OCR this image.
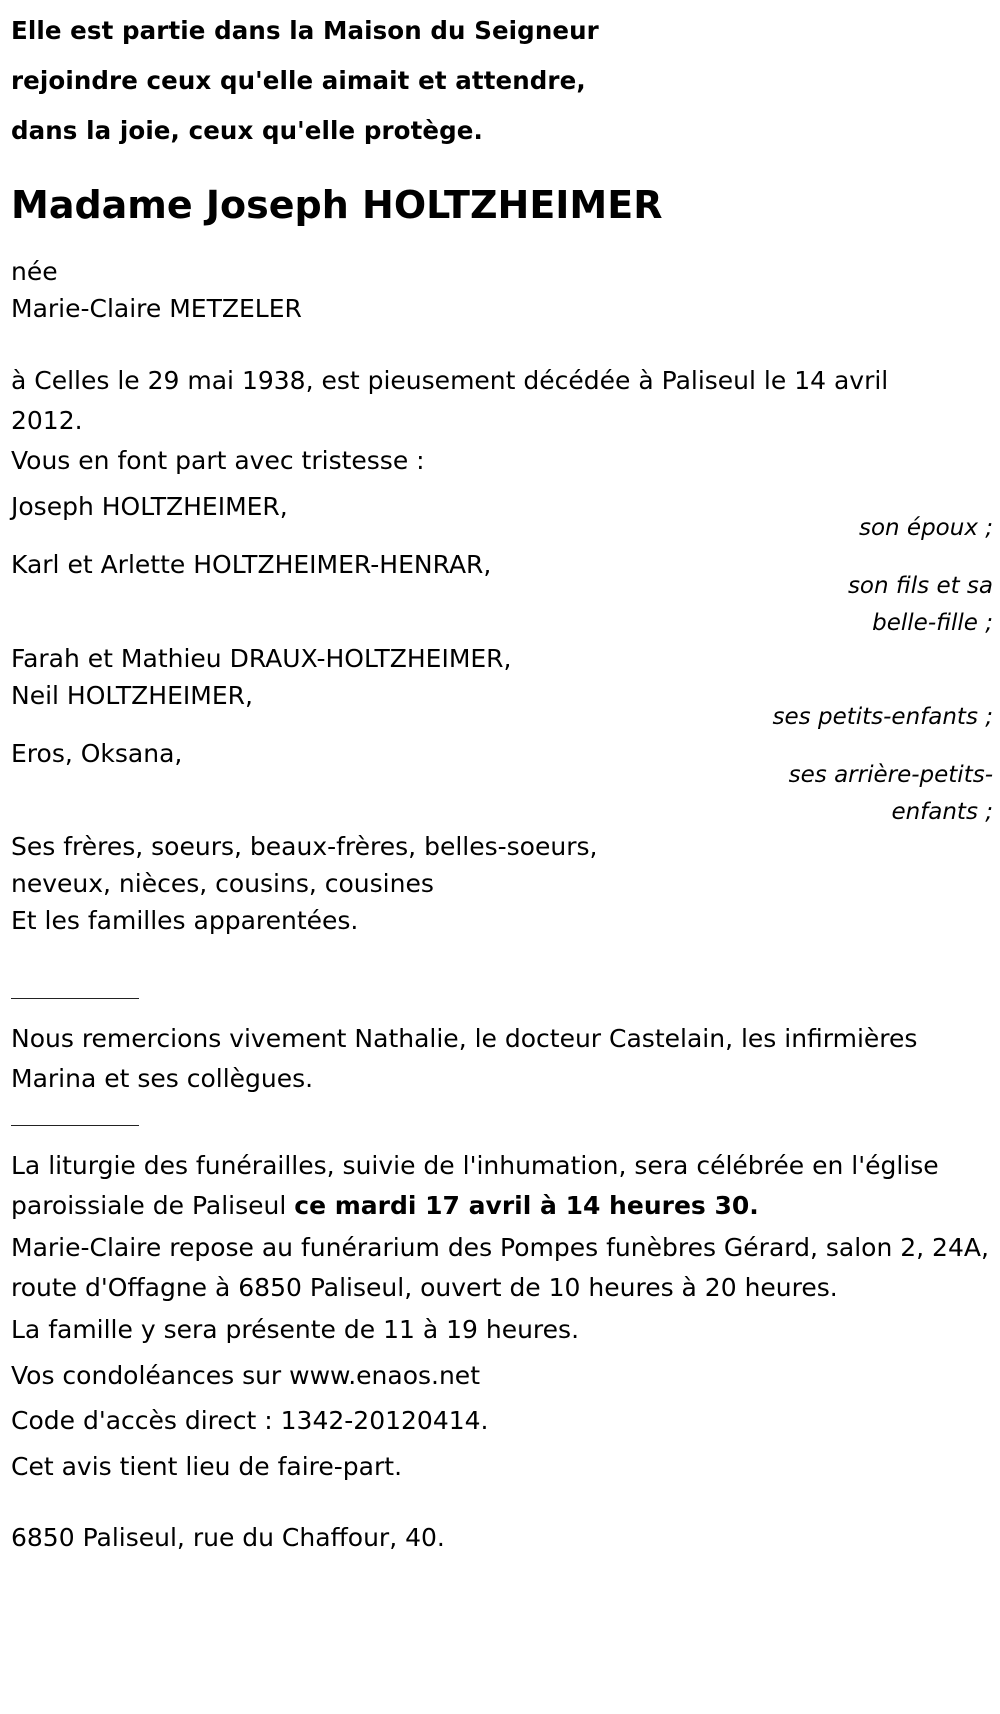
Elle est partie dans la Maison du Seigneur
rejoindre ceux qu'elle aimait et attendre,
dans la joie, ceux qu'elle protège.
Madame Joseph HOLTZHEIMER
née
Marie-Claire METZELER
à Celles le 29 mai 1938, est pieusement décédée à Paliseul le 14 avril 2012.
Vous en font part avec tristesse :
Joseph HOLTZHEIMER,
son époux ;
Karl et Arlette HOLTZHEIMER-HENRAR,
son fils et sa
belle-fille ;
Farah et Mathieu DRAUX-HOLTZHEIMER,
Neil HOLTZHEIMER,
ses petits-enfants ;
Eros, Oksana,
ses arrière-petits-
enfants ;
Ses frères, soeurs, beaux-frères, belles-soeurs,
neveux, nièces, cousins, cousines
Et les familles apparentées.
Nous remercions vivement Nathalie, le docteur Castelain, les infirmières Marina et ses collègues.
La liturgie des funérailles, suivie de l'inhumation, sera célébrée en l'église paroissiale de Paliseul ce mardi 17 avril à 14 heures 30.
Marie-Claire repose au funérarium des Pompes funèbres Gérard, salon 2, 24A, route d'Offagne à 6850 Paliseul, ouvert de 10 heures à 20 heures.
La famille y sera présente de 11 à 19 heures.
Vos condoléances sur www.enaos.net
Code d'accès direct : 1342-20120414.
Cet avis tient lieu de faire-part.
6850 Paliseul, rue du Chaffour, 40.
